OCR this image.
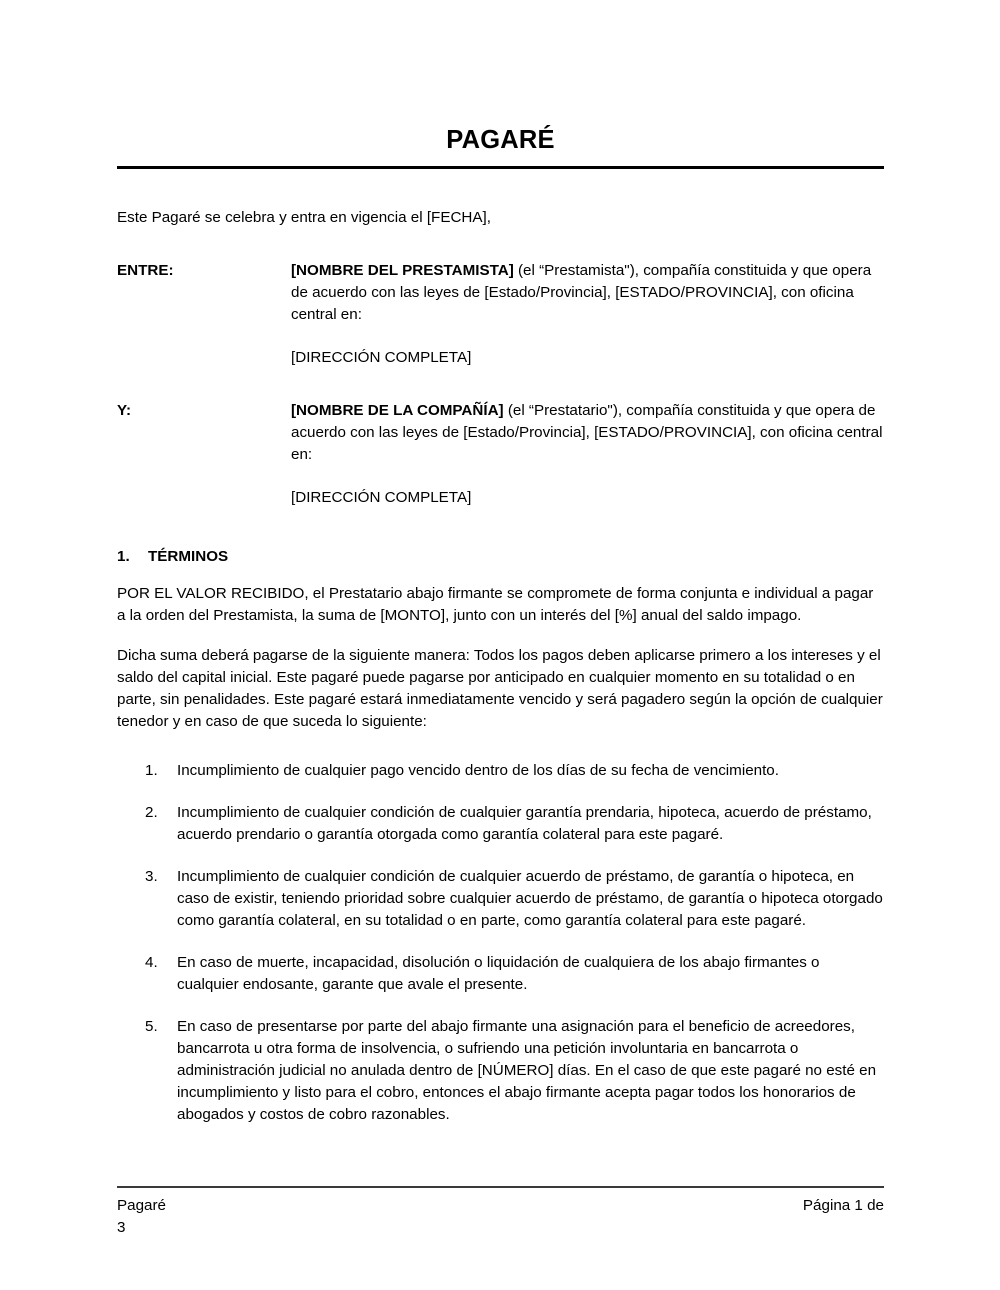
PAGARÉ

Este Pagaré se celebra y entra en vigencia el [FECHA],

ENTRE:	[NOMBRE DEL PRESTAMISTA] (el “Prestamista"), compañía constituida y que opera de acuerdo con las leyes de [Estado/Provincia], [ESTADO/PROVINCIA], con oficina central en:
[DIRECCIÓN COMPLETA]
Y:	[NOMBRE DE LA COMPAÑÍA] (el “Prestatario"), compañía constituida y que opera de acuerdo con las leyes de [Estado/Provincia], [ESTADO/PROVINCIA], con oficina central en:
[DIRECCIÓN COMPLETA]
1.	TÉRMINOS

POR EL VALOR RECIBIDO, el Prestatario abajo firmante se compromete de forma conjunta e individual a pagar a la orden del Prestamista, la suma de [MONTO], junto con un interés del [%] anual del saldo impago.

Dicha suma deberá pagarse de la siguiente manera: Todos los pagos deben aplicarse primero a los intereses y el saldo del capital inicial. Este pagaré puede pagarse por anticipado en cualquier momento en su totalidad o en parte, sin penalidades. Este pagaré estará inmediatamente vencido y será pagadero según la opción de cualquier tenedor y en caso de que suceda lo siguiente:

1.	Incumplimiento de cualquier pago vencido dentro de los días de su fecha de vencimiento.
2.	Incumplimiento de cualquier condición de cualquier garantía prendaria, hipoteca, acuerdo de préstamo, acuerdo prendario o garantía otorgada como garantía colateral para este pagaré.
3.	Incumplimiento de cualquier condición de cualquier acuerdo de préstamo, de garantía o hipoteca, en caso de existir, teniendo prioridad sobre cualquier acuerdo de préstamo, de garantía o hipoteca otorgado como garantía colateral, en su totalidad o en parte, como garantía colateral para este pagaré.
4.	En caso de muerte, incapacidad, disolución o liquidación de cualquiera de los abajo firmantes o cualquier endosante, garante que avale el presente.
5.	En caso de presentarse por parte del abajo firmante una asignación para el beneficio de acreedores, bancarrota u otra forma de insolvencia, o sufriendo una petición involuntaria en bancarrota o administración judicial no anulada dentro de [NÚMERO] días. En el caso de que este pagaré no esté en incumplimiento y listo para el cobro, entonces el abajo firmante acepta pagar todos los honorarios de abogados y costos de cobro razonables.
Pagaré	Página 1 de
3
